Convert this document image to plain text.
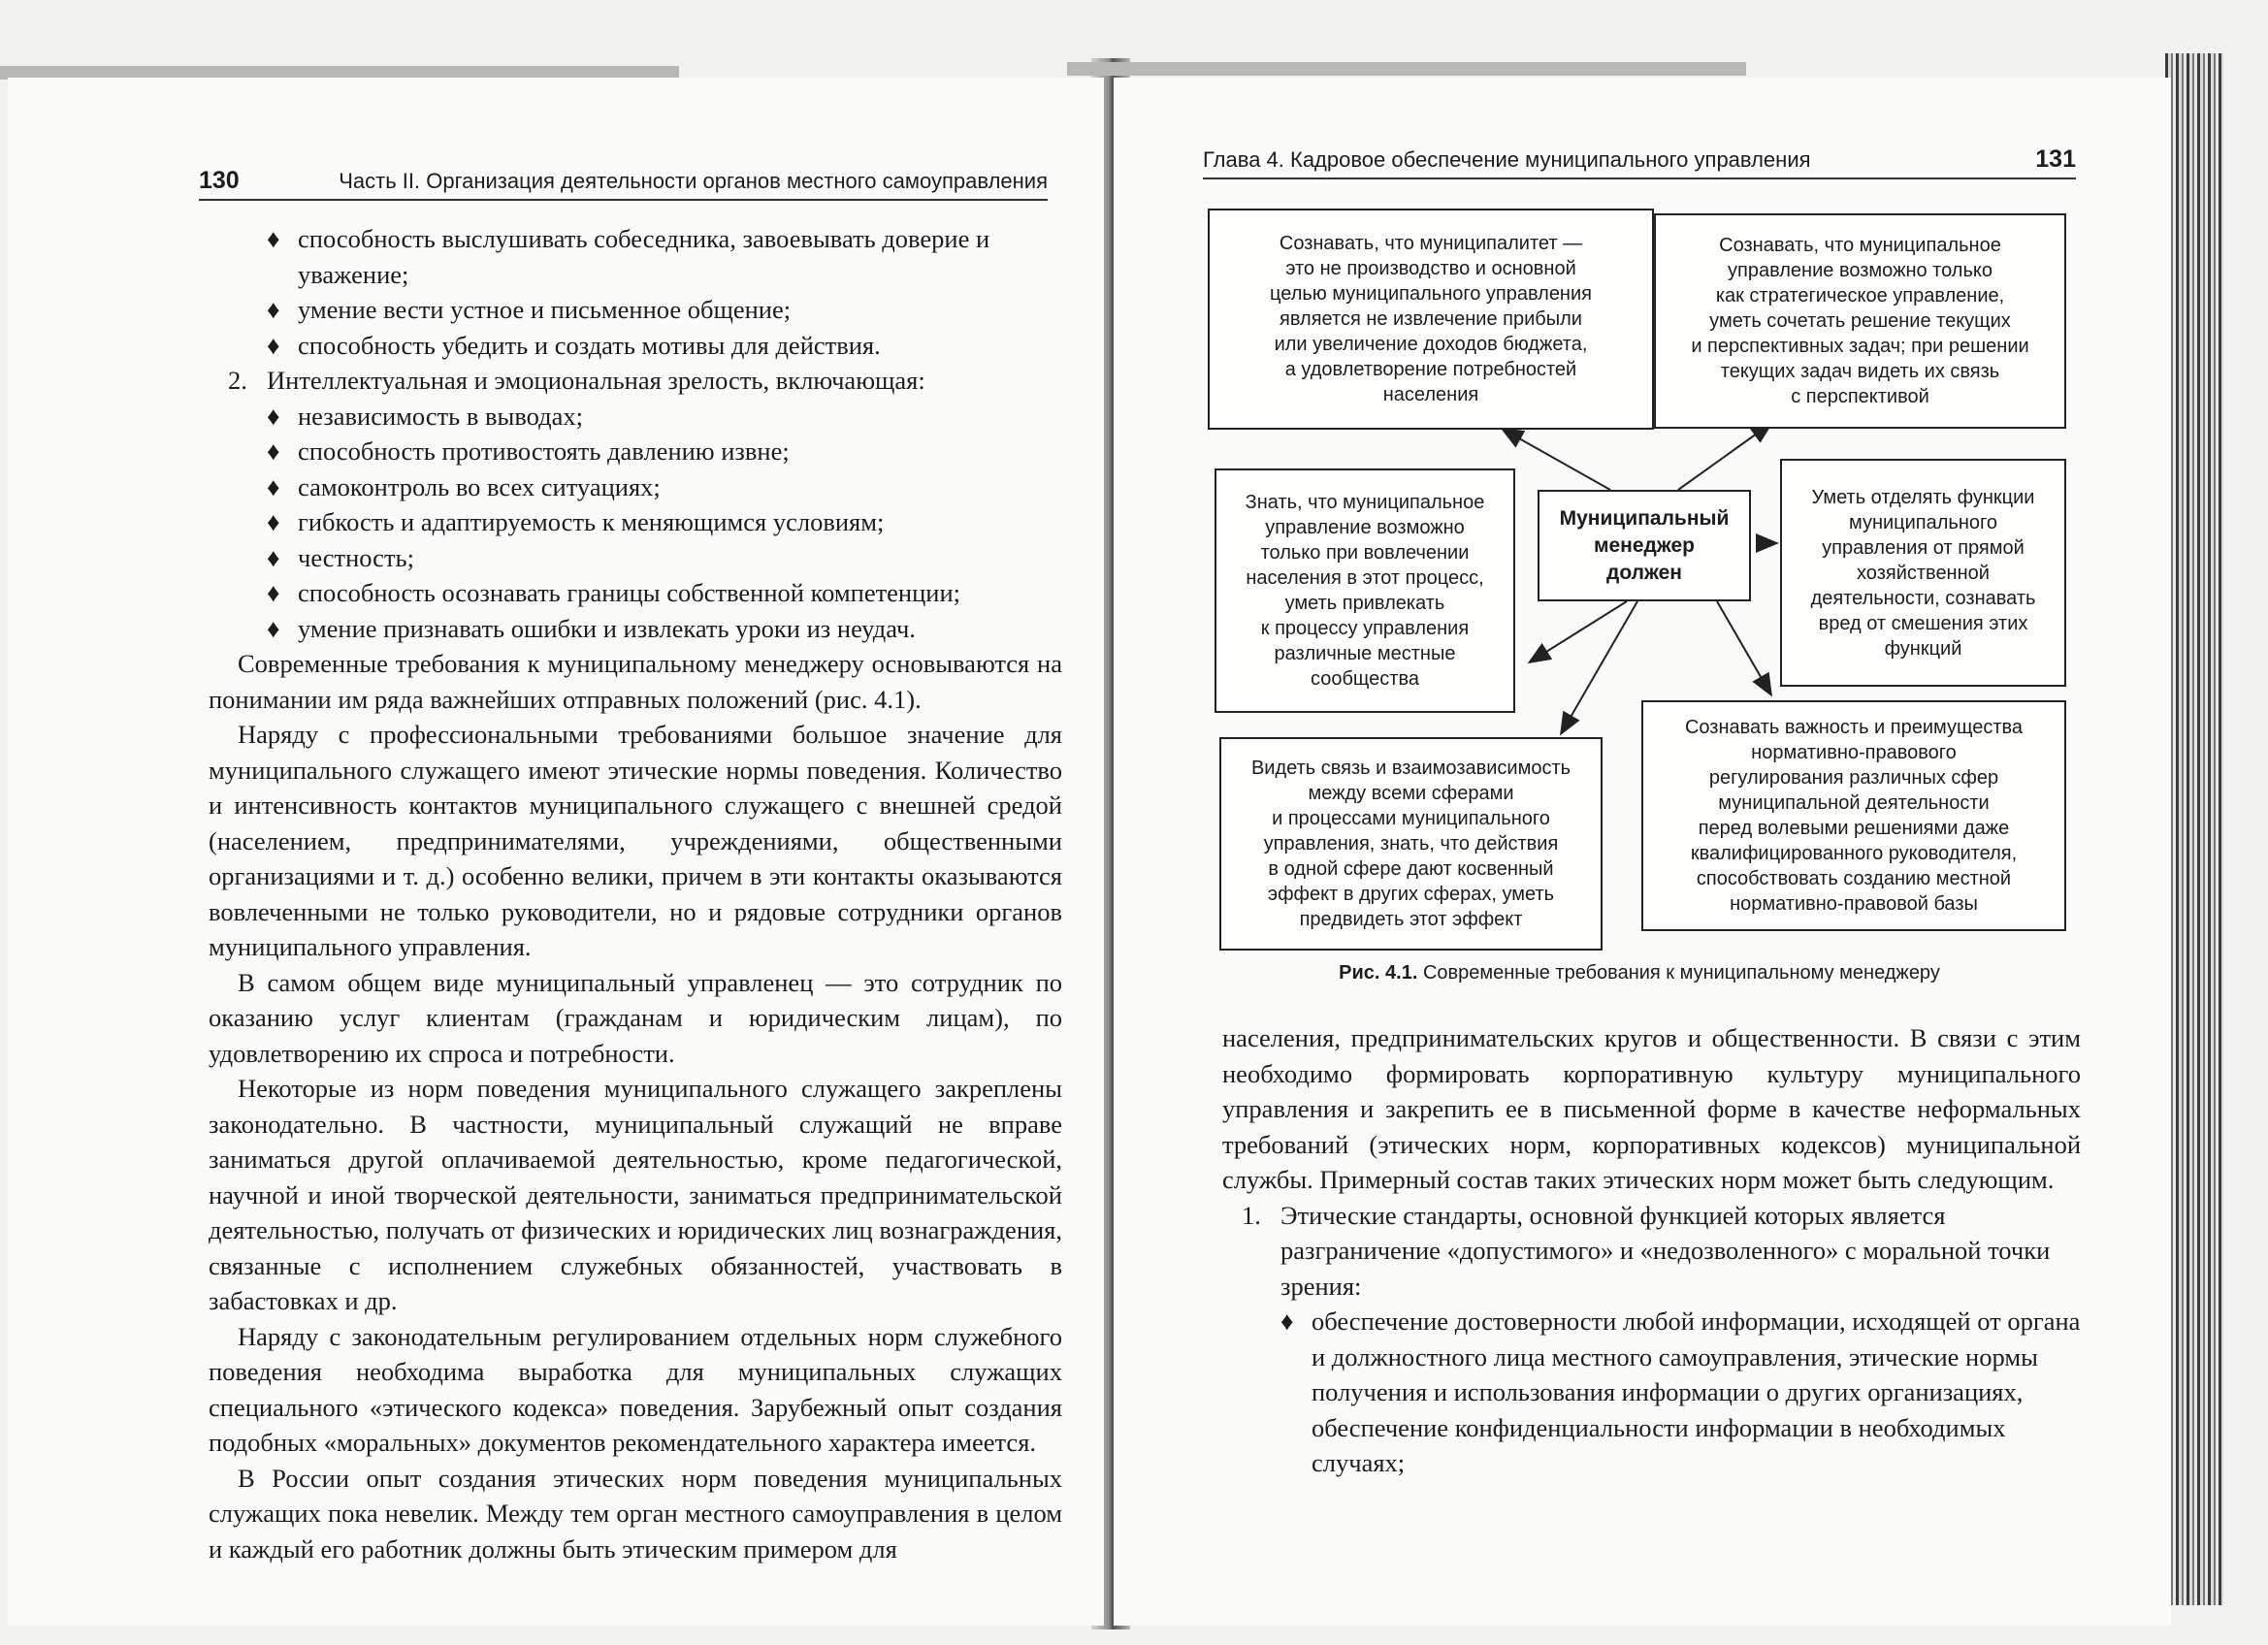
130	Часть II. Организация деятельности органов местного самоуправления
♦ способность выслушивать собеседника, завоевывать доверие и уважение;
♦ умение вести устное и письменное общение;
♦ способность убедить и создать мотивы для действия.
2. Интеллектуальная и эмоциональная зрелость, включающая:
♦ независимость в выводах;
♦ способность противостоять давлению извне;
♦ самоконтроль во всех ситуациях;
♦ гибкость и адаптируемость к меняющимся условиям;
♦ честность;
♦ способность осознавать границы собственной компетенции;
♦ умение признавать ошибки и извлекать уроки из неудач.

Современные требования к муниципальному менеджеру основываются на понимании им ряда важнейших отправных положений (рис. 4.1).

Наряду с профессиональными требованиями большое значение для муниципального служащего имеют этические нормы поведения. Количество и интенсивность контактов муниципального служащего с внешней средой (населением, предпринимателями, учреждениями, общественными организациями и т. д.) особенно велики, причем в эти контакты оказываются вовлеченными не только руководители, но и рядовые сотрудники органов муниципального управления.

В самом общем виде муниципальный управленец — это сотрудник по оказанию услуг клиентам (гражданам и юридическим лицам), по удовлетворению их спроса и потребности.

Некоторые из норм поведения муниципального служащего закреплены законодательно. В частности, муниципальный служащий не вправе заниматься другой оплачиваемой деятельностью, кроме педагогической, научной и иной творческой деятельности, заниматься предпринимательской деятельностью, получать от физических и юридических лиц вознаграждения, связанные с исполнением служебных обязанностей, участвовать в забастовках и др.

Наряду с законодательным регулированием отдельных норм служебного поведения необходима выработка для муниципальных служащих специального «этического кодекса» поведения. Зарубежный опыт создания подобных «моральных» документов рекомендательного характера имеется.

В России опыт создания этических норм поведения муниципальных служащих пока невелик. Между тем орган местного самоуправления в целом и каждый его работник должны быть этическим примером для

Глава 4. Кадровое обеспечение муниципального управления	131
Сознавать, что муниципалитет —
это не производство и основной
целью муниципального управления
является не извлечение прибыли
или увеличение доходов бюджета,
а удовлетворение потребностей
населения
Сознавать, что муниципальное
управление возможно только
как стратегическое управление,
уметь сочетать решение текущих
и перспективных задач; при решении
текущих задач видеть их связь
с перспективой
Знать, что муниципальное
управление возможно
только при вовлечении
населения в этот процесс,
уметь привлекать
к процессу управления
различные местные
сообщества
Муниципальный
менеджер
должен
Уметь отделять функции
муниципального
управления от прямой
хозяйственной
деятельности, сознавать
вред от смешения этих
функций
Видеть связь и взаимозависимость
между всеми сферами
и процессами муниципального
управления, знать, что действия
в одной сфере дают косвенный
эффект в других сферах, уметь
предвидеть этот эффект
Сознавать важность и преимущества
нормативно-правового
регулирования различных сфер
муниципальной деятельности
перед волевыми решениями даже
квалифицированного руководителя,
способствовать созданию местной
нормативно-правовой базы
Рис. 4.1. Современные требования к муниципальному менеджеру

населения, предпринимательских кругов и общественности. В связи с этим необходимо формировать корпоративную культуру муниципального управления и закрепить ее в письменной форме в качестве неформальных требований (этических норм, корпоративных кодексов) муниципальной службы. Примерный состав таких этических норм может быть следующим.

1. Этические стандарты, основной функцией которых является разграничение «допустимого» и «недозволенного» с моральной точки зрения:
♦ обеспечение достоверности любой информации, исходящей от органа и должностного лица местного самоуправления, этические нормы получения и использования информации о других организациях, обеспечение конфиденциальности информации в необходимых случаях;
